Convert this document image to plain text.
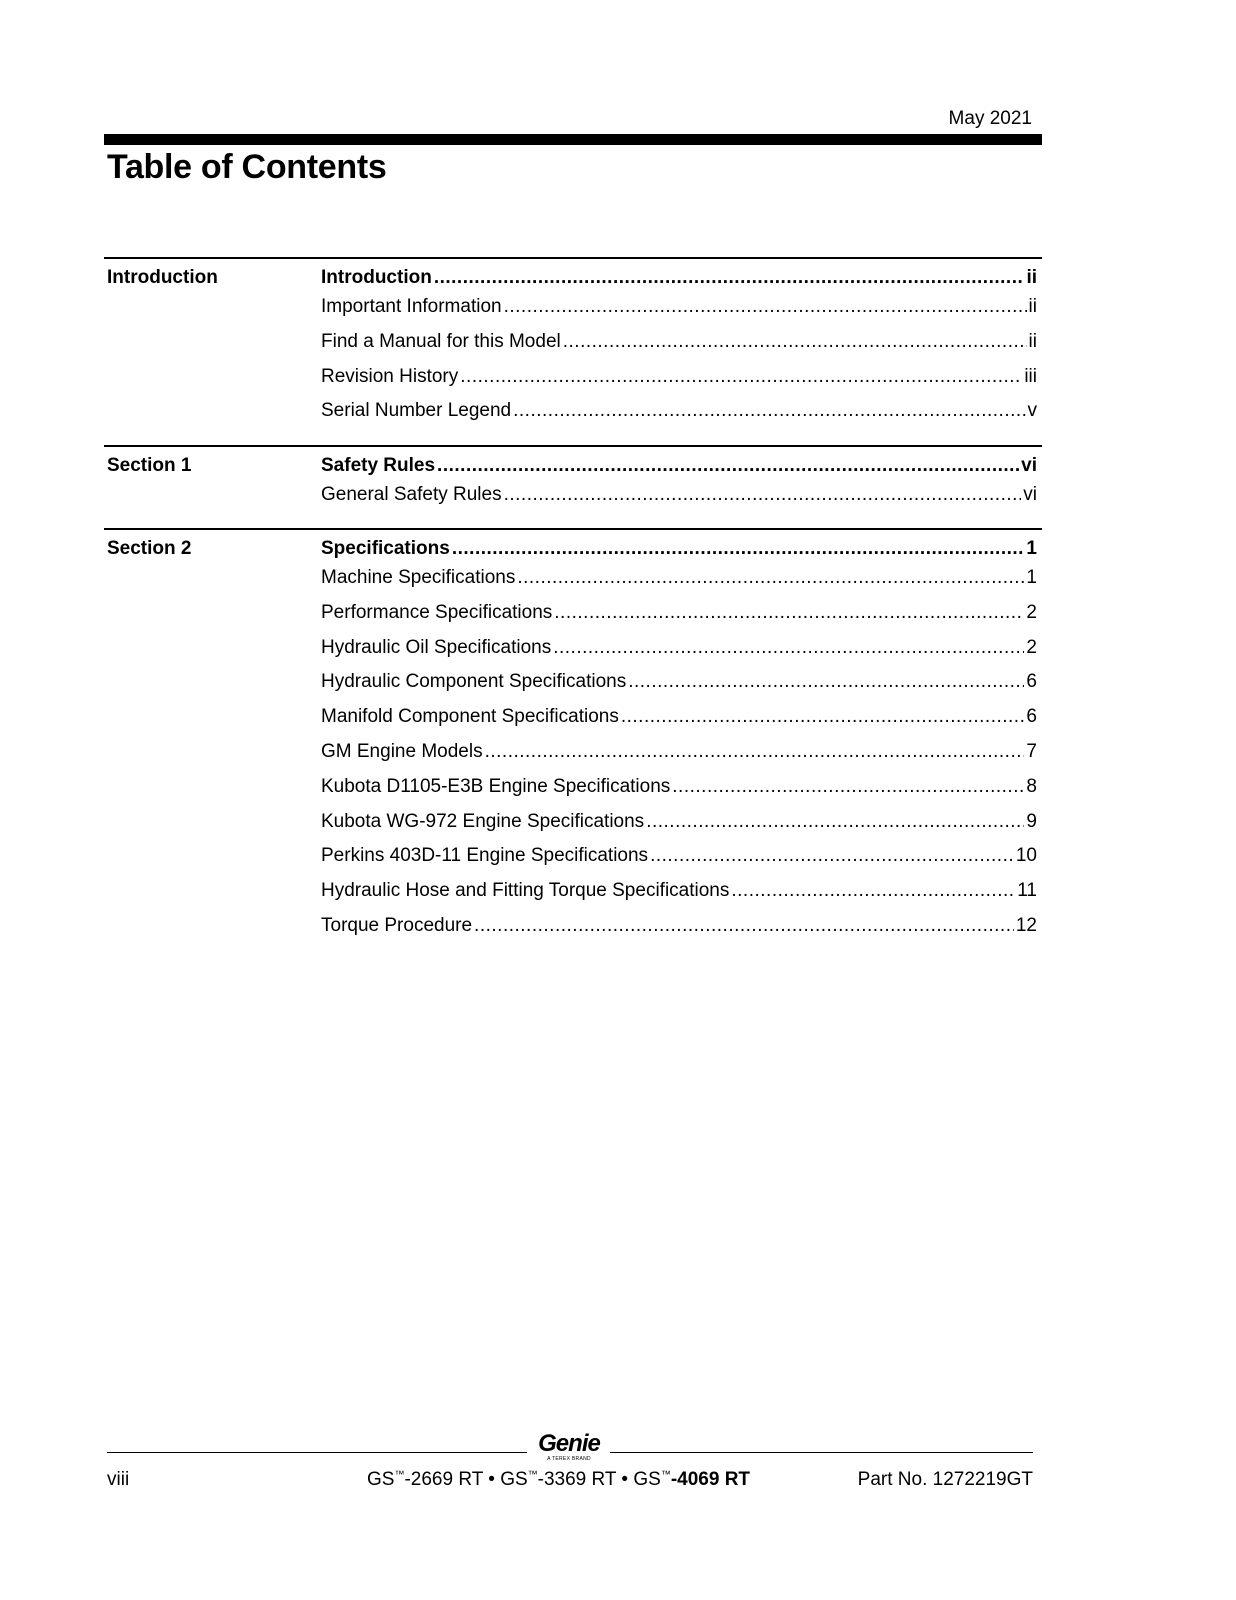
May 2021
Table of Contents
Introduction	Introduction .....	ii
Important Information .....	ii
Find a Manual for this Model .....	ii
Revision History .....	iii
Serial Number Legend .....	v
Section 1	Safety Rules .....	vi
General Safety Rules .....	vi
Section 2	Specifications .....	1
Machine Specifications .....	1
Performance Specifications .....	2
Hydraulic Oil Specifications .....	2
Hydraulic Component Specifications .....	6
Manifold Component Specifications .....	6
GM Engine Models .....	7
Kubota D1105-E3B Engine Specifications .....	8
Kubota WG-972 Engine Specifications .....	9
Perkins 403D-11 Engine Specifications .....	10
Hydraulic Hose and Fitting Torque Specifications .....	11
Torque Procedure .....	12
Genie
A TEREX BRAND
viii	GS™-2669 RT • GS™-3369 RT • GS™-4069 RT	Part No. 1272219GT
